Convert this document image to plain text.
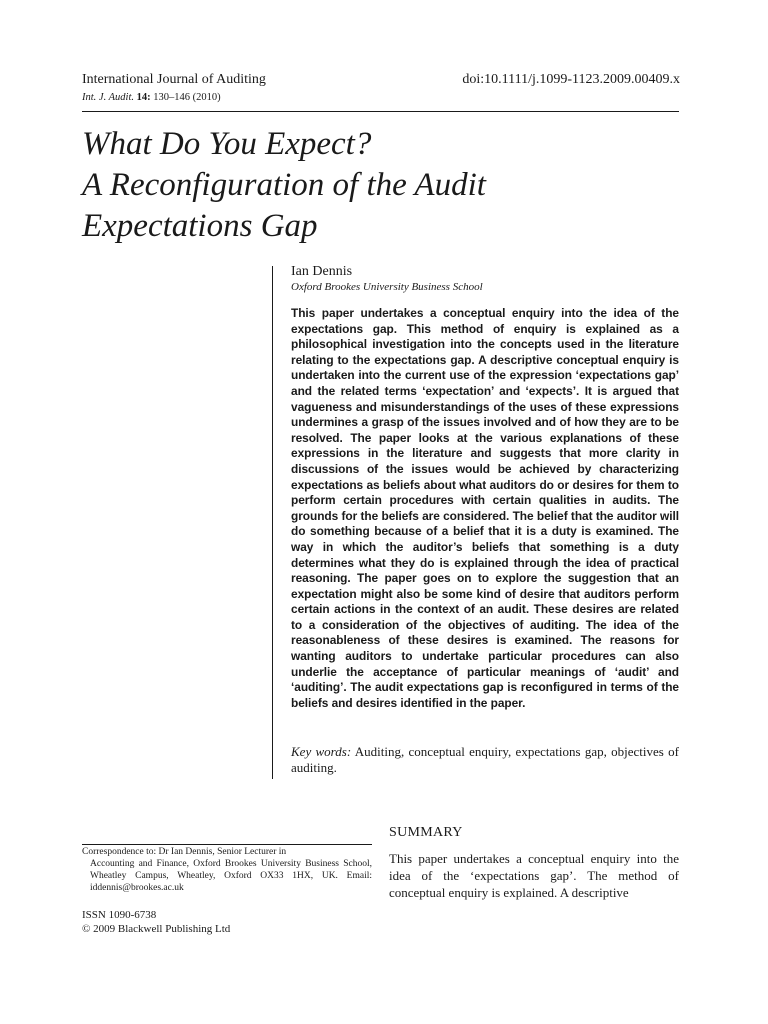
International Journal of Auditing	doi:10.1111/j.1099-1123.2009.00409.x
Int. J. Audit. 14: 130–146 (2010)
What Do You Expect?
A Reconfiguration of the Audit
Expectations Gap
Ian Dennis
Oxford Brookes University Business School
This paper undertakes a conceptual enquiry into the idea of the expectations gap. This method of enquiry is explained as a philosophical investigation into the concepts used in the literature relating to the expectations gap. A descriptive conceptual enquiry is undertaken into the current use of the expression ‘expectations gap’ and the related terms ‘expectation’ and ‘expects’. It is argued that vagueness and misunderstandings of the uses of these expressions undermines a grasp of the issues involved and of how they are to be resolved. The paper looks at the various explanations of these expressions in the literature and suggests that more clarity in discussions of the issues would be achieved by characterizing expectations as beliefs about what auditors do or desires for them to perform certain procedures with certain qualities in audits. The grounds for the beliefs are considered. The belief that the auditor will do something because of a belief that it is a duty is examined. The way in which the auditor’s beliefs that something is a duty determines what they do is explained through the idea of practical reasoning. The paper goes on to explore the suggestion that an expectation might also be some kind of desire that auditors perform certain actions in the context of an audit. These desires are related to a consideration of the objectives of auditing. The idea of the reasonableness of these desires is examined. The reasons for wanting auditors to undertake particular procedures can also underlie the acceptance of particular meanings of ‘audit’ and ‘auditing’. The audit expectations gap is reconfigured in terms of the beliefs and desires identified in the paper.
Key words: Auditing, conceptual enquiry, expectations gap, objectives of auditing.
Correspondence to: Dr Ian Dennis, Senior Lecturer in
Accounting and Finance, Oxford Brookes University Business School, Wheatley Campus, Wheatley, Oxford OX33 1HX, UK. Email: iddennis@brookes.ac.uk
ISSN 1090-6738
© 2009 Blackwell Publishing Ltd
SUMMARY
This paper undertakes a conceptual enquiry into the idea of the ‘expectations gap’. The method of conceptual enquiry is explained. A descriptive
